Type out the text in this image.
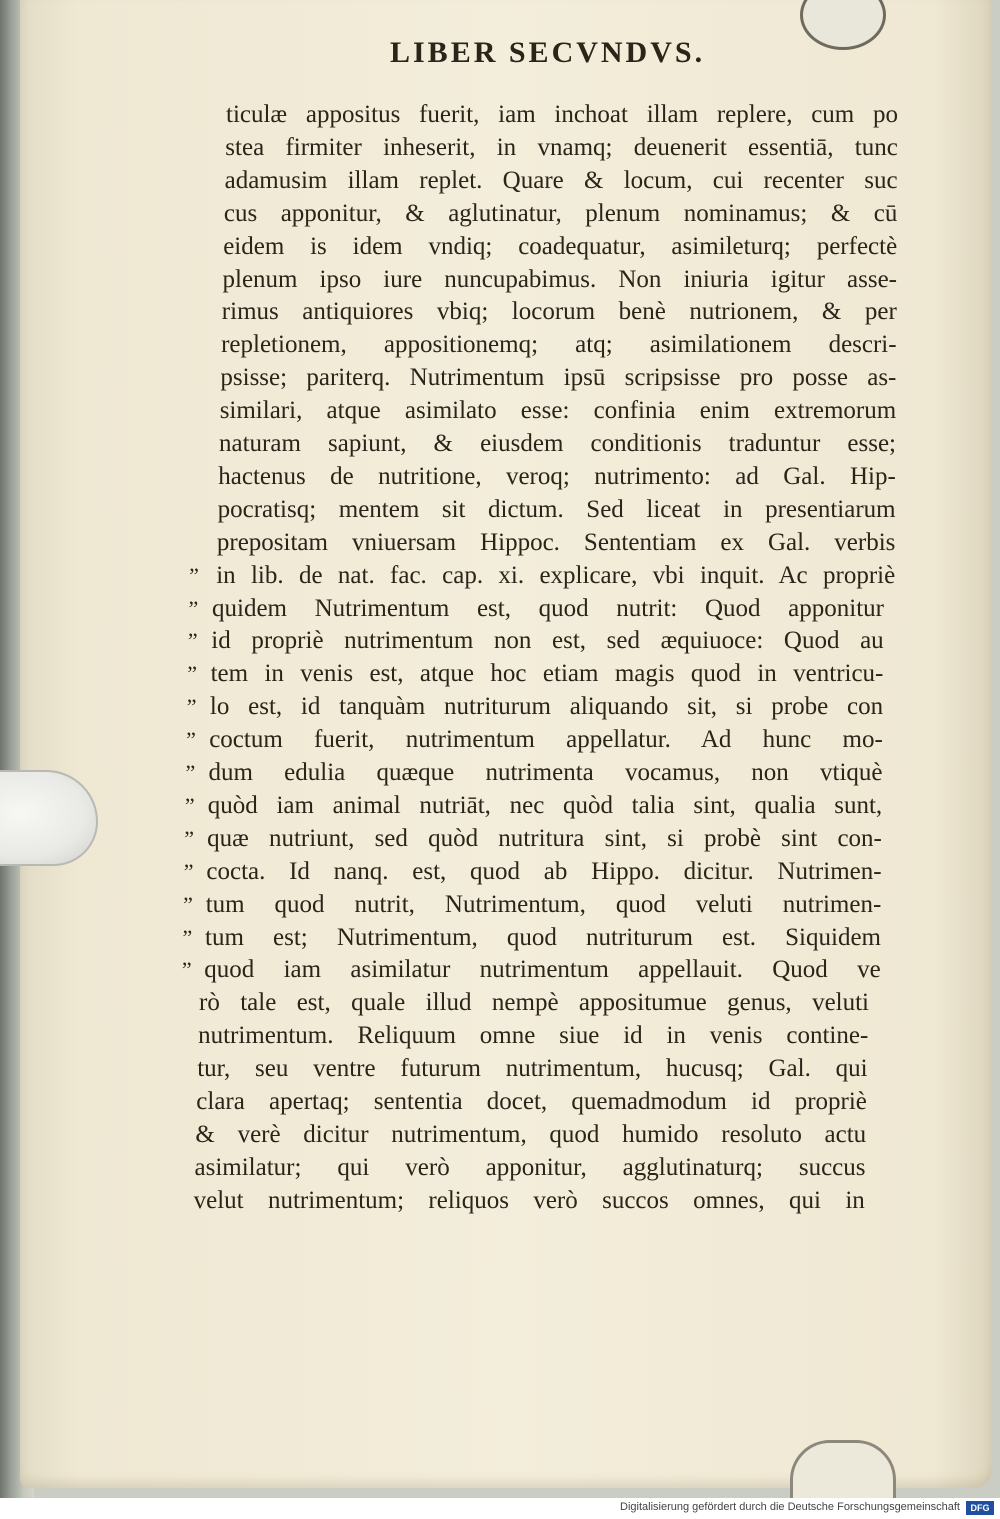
LIBER SECVNDVS.
ticulæ appositus fuerit, iam inchoat illam replere, cum po
stea firmiter inheserit, in vnamq; deuenerit essentiā, tunc
adamusim illam replet. Quare & locum, cui recenter suc
cus apponitur, & aglutinatur, plenum nominamus; & cū
eidem is idem vndiq; coadequatur, asimileturq; perfectè
plenum ipso iure nuncupabimus. Non iniuria igitur asse-
rimus antiquiores vbiq; locorum benè nutrionem, & per
repletionem, appositionemq; atq; asimilationem descri-
psisse; pariterq. Nutrimentum ipsū scripsisse pro posse as-
similari, atque asimilato esse: confinia enim extremorum
naturam sapiunt, & eiusdem conditionis traduntur esse;
hactenus de nutritione, veroq; nutrimento: ad Gal. Hip-
pocratisq; mentem sit dictum. Sed liceat in presentiarum
prepositam vniuersam Hippoc. Sententiam ex Gal. verbis
in lib. de nat. fac. cap. xi. explicare, vbi inquit. Ac propriè
”
quidem Nutrimentum est, quod nutrit: Quod apponitur
”
id propriè nutrimentum non est, sed æquiuoce: Quod au
”
tem in venis est, atque hoc etiam magis quod in ventricu-
”
lo est, id tanquàm nutriturum aliquando sit, si probe con
”
coctum fuerit, nutrimentum appellatur. Ad hunc mo-
”
dum edulia quæque nutrimenta vocamus, non vtiquè
”
quòd iam animal nutriāt, nec quòd talia sint, qualia sunt,
”
quæ nutriunt, sed quòd nutritura sint, si probè sint con-
”
cocta. Id nanq. est, quod ab Hippo. dicitur. Nutrimen-
”
tum quod nutrit, Nutrimentum, quod veluti nutrimen-
”
tum est; Nutrimentum, quod nutriturum est. Siquidem
”
quod iam asimilatur nutrimentum appellauit. Quod ve
”
rò tale est, quale illud nempè appositumue genus, veluti
nutrimentum. Reliquum omne siue id in venis contine-
tur, seu ventre futurum nutrimentum, hucusq; Gal. qui
clara apertaq; sententia docet, quemadmodum id propriè
& verè dicitur nutrimentum, quod humido resoluto actu
asimilatur; qui verò apponitur, agglutinaturq; succus
velut nutrimentum; reliquos verò succos omnes, qui in

Digitalisierung gefördert durch die Deutsche Forschungsgemeinschaft	DFG
